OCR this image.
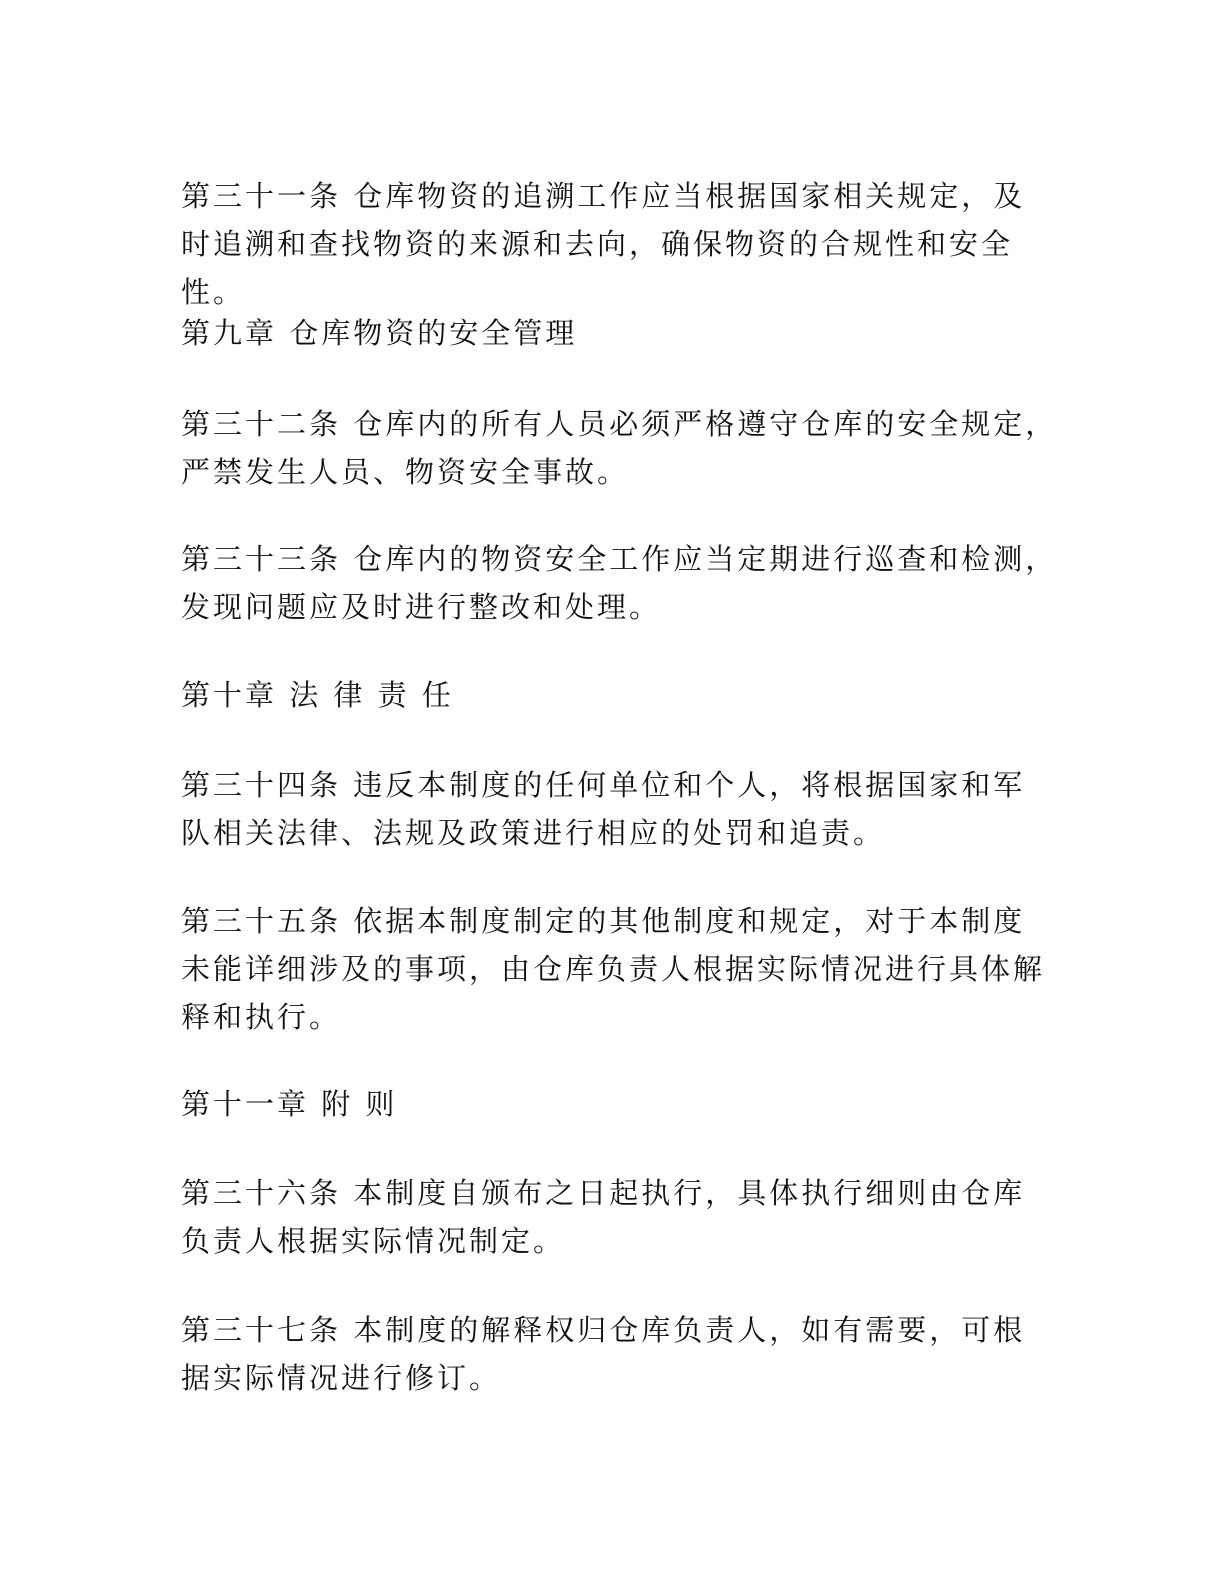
第三十一条 仓库物资的追溯工作应当根据国家相关规定，及
时追溯和查找物资的来源和去向，确保物资的合规性和安全性。

第九章 仓库物资的安全管理

第三十二条 仓库内的所有人员必须严格遵守仓库的安全规定，
严禁发生人员、物资安全事故。

第三十三条 仓库内的物资安全工作应当定期进行巡查和检测，
发现问题应及时进行整改和处理。

第十章 法 律 责 任

第三十四条 违反本制度的任何单位和个人，将根据国家和军
队相关法律、法规及政策进行相应的处罚和追责。

第三十五条 依据本制度制定的其他制度和规定，对于本制度
未能详细涉及的事项，由仓库负责人根据实际情况进行具体解
释和执行。

第十一章 附 则

第三十六条 本制度自颁布之日起执行，具体执行细则由仓库
负责人根据实际情况制定。

第三十七条 本制度的解释权归仓库负责人，如有需要，可根
据实际情况进行修订。
